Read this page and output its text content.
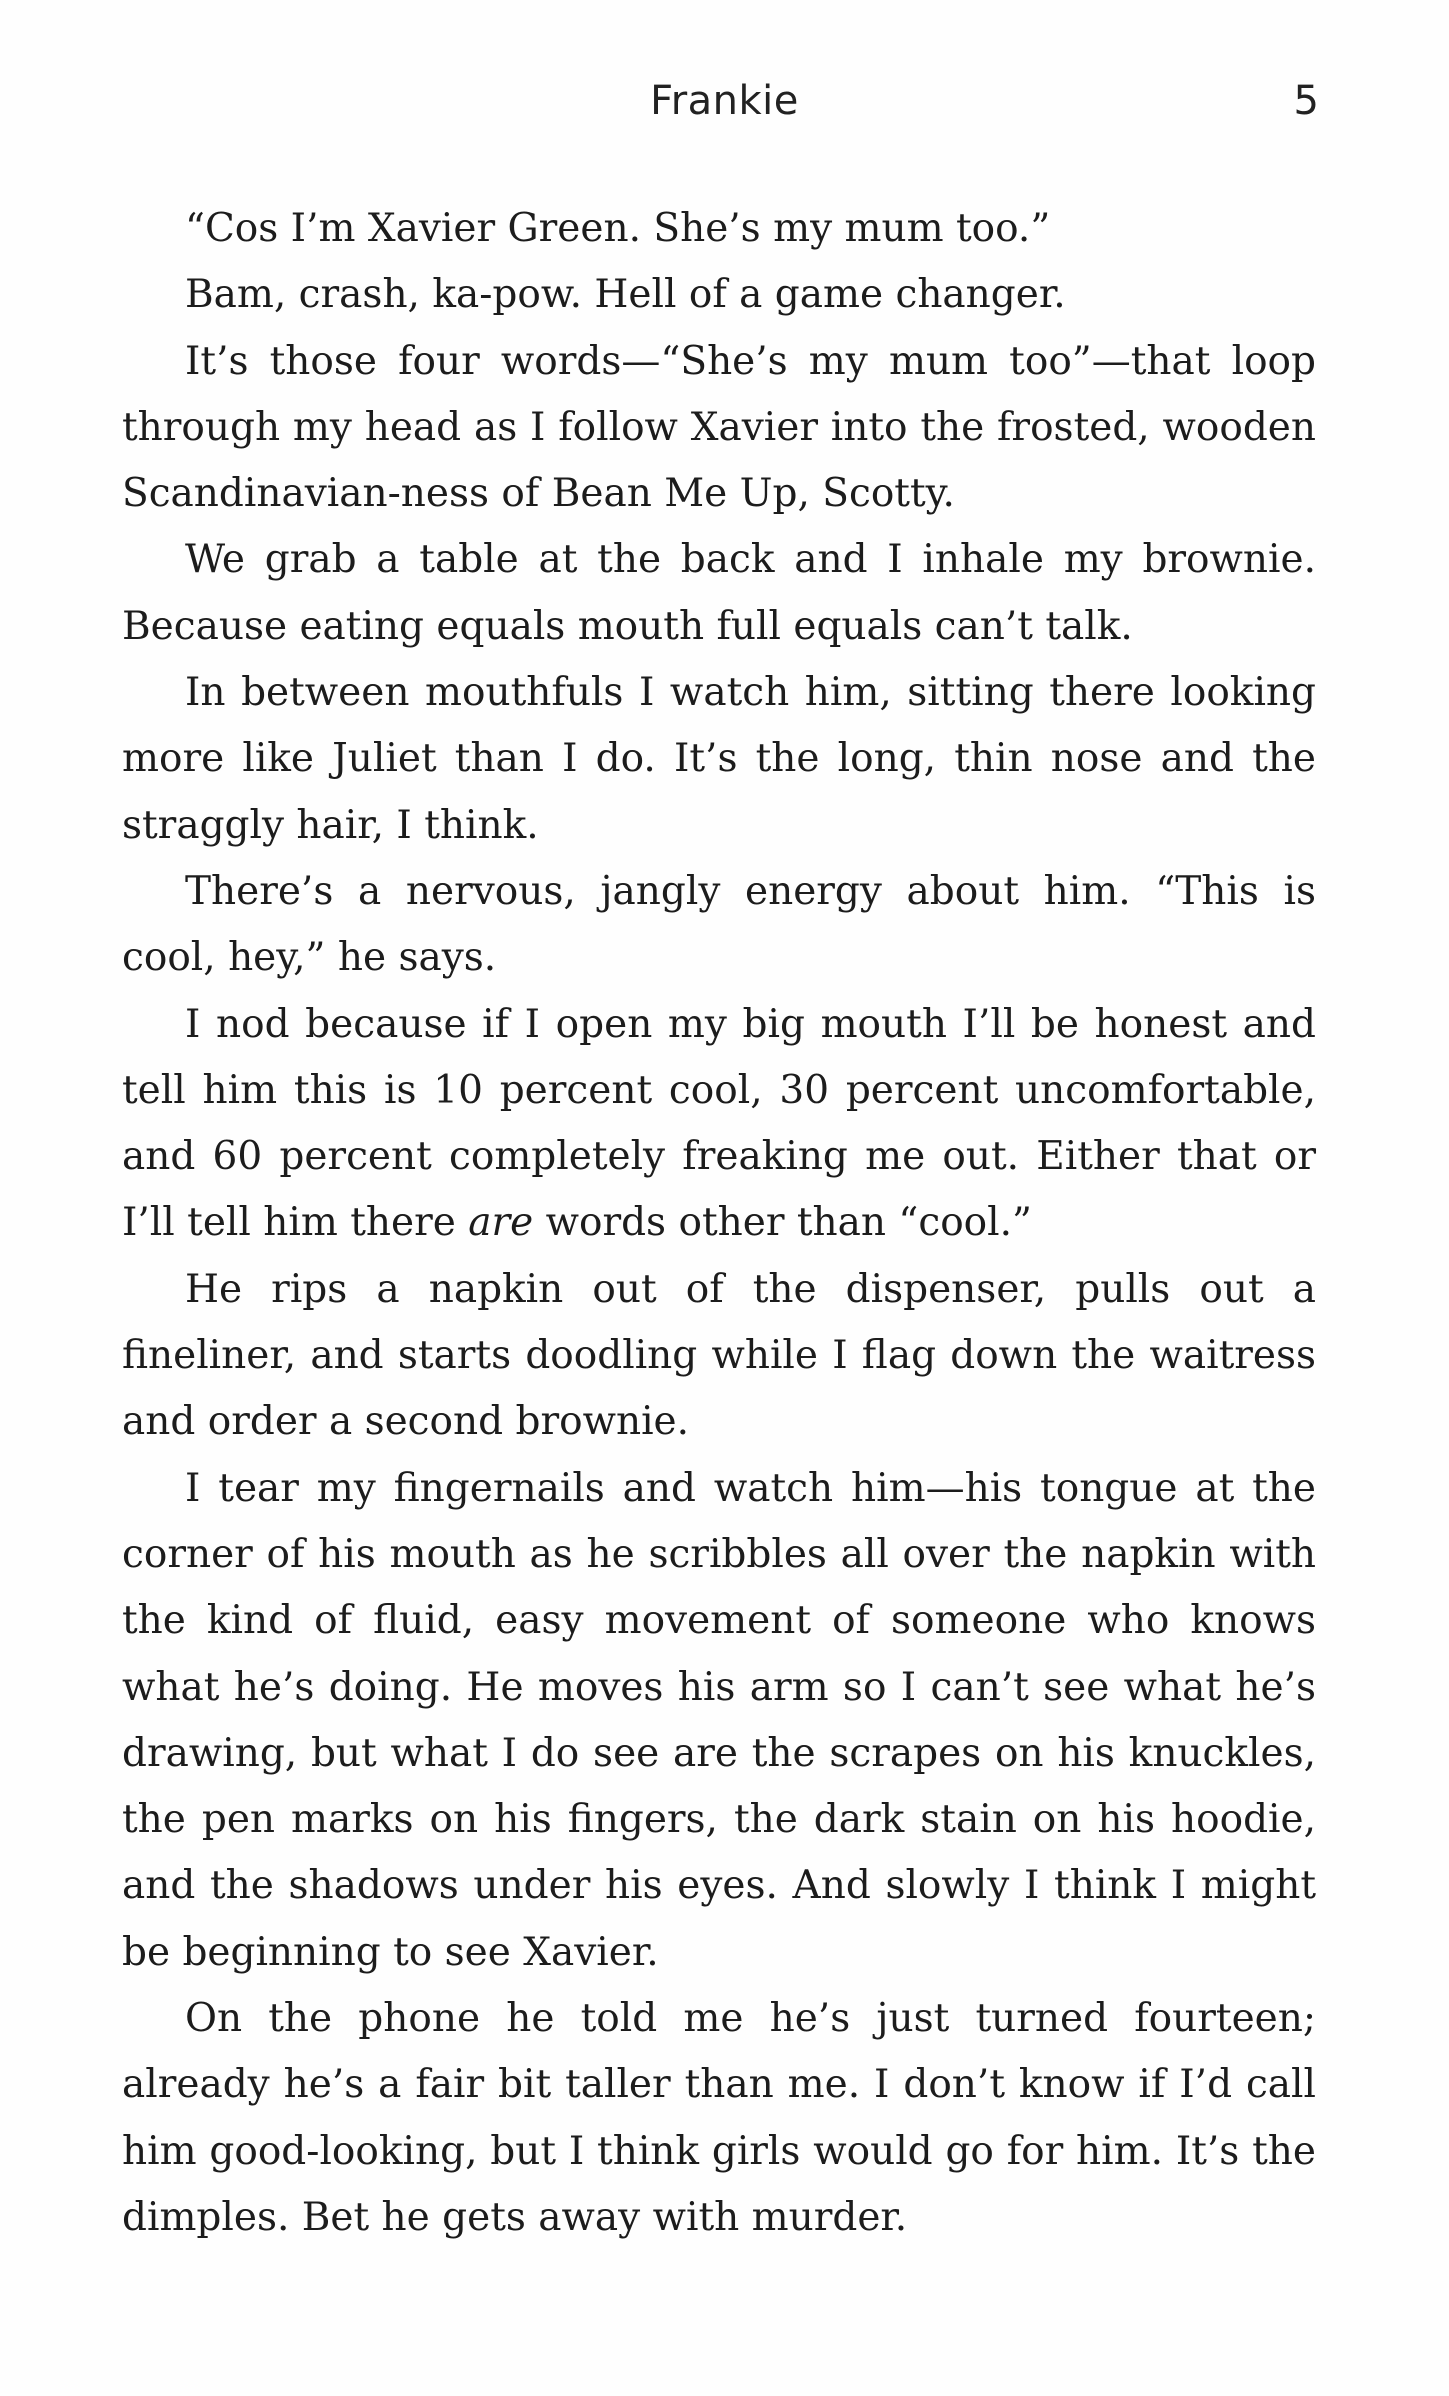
Frankie	5

“Cos I’m Xavier Green. She’s my mum too.”

Bam, crash, ka-pow. Hell of a game changer.

It’s those four words—“She’s my mum too”—that loop through my head as I follow Xavier into the frosted, wooden Scandinavian-ness of Bean Me Up, Scotty.

We grab a table at the back and I inhale my brownie. Because eating equals mouth full equals can’t talk.

In between mouthfuls I watch him, sitting there looking more like Juliet than I do. It’s the long, thin nose and the straggly hair, I think.

There’s a nervous, jangly energy about him. “This is cool, hey,” he says.

I nod because if I open my big mouth I’ll be honest and tell him this is 10 percent cool, 30 percent uncomfortable, and 60 percent completely freaking me out. Either that or I’ll tell him there are words other than “cool.”

He rips a napkin out of the dispenser, pulls out a fineliner, and starts doodling while I flag down the waitress and order a second brownie.

I tear my fingernails and watch him—his tongue at the corner of his mouth as he scribbles all over the napkin with the kind of fluid, easy movement of someone who knows what he’s doing. He moves his arm so I can’t see what he’s drawing, but what I do see are the scrapes on his knuckles, the pen marks on his fingers, the dark stain on his hoodie, and the shadows under his eyes. And slowly I think I might be beginning to see Xavier.

On the phone he told me he’s just turned fourteen; already he’s a fair bit taller than me. I don’t know if I’d call him good-looking, but I think girls would go for him. It’s the dimples. Bet he gets away with murder.
